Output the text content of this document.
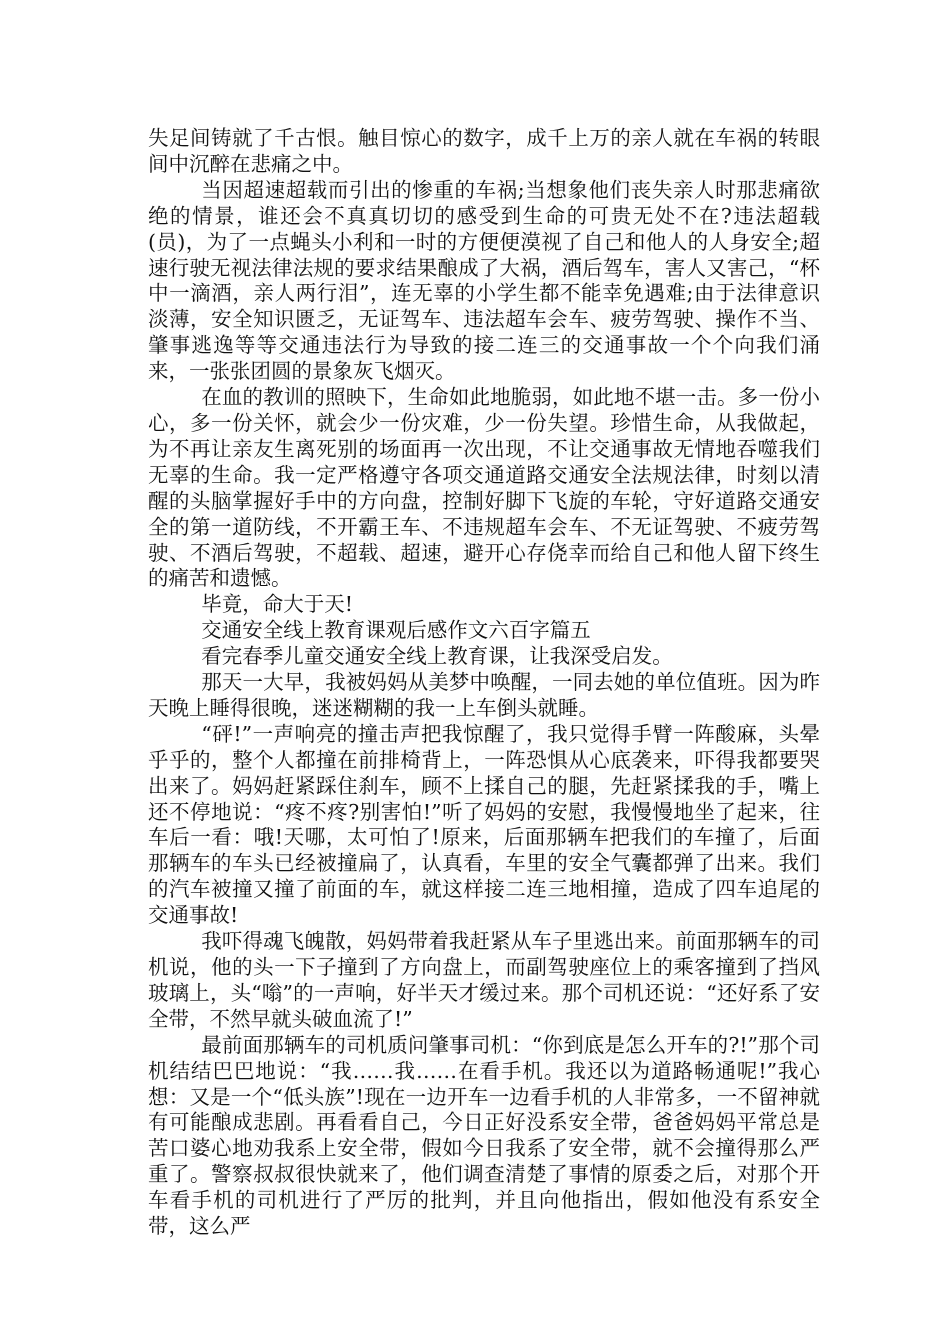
失足间铸就了千古恨。触目惊心的数字，成千上万的亲人就在车祸的转眼间中沉醉在悲痛之中。

当因超速超载而引出的惨重的车祸;当想象他们丧失亲人时那悲痛欲绝的情景，谁还会不真真切切的感受到生命的可贵无处不在?违法超载(员)，为了一点蝇头小利和一时的方便便漠视了自己和他人的人身安全;超速行驶无视法律法规的要求结果酿成了大祸，酒后驾车，害人又害己，“杯中一滴酒，亲人两行泪”，连无辜的小学生都不能幸免遇难;由于法律意识淡薄，安全知识匮乏，无证驾车、违法超车会车、疲劳驾驶、操作不当、肇事逃逸等等交通违法行为导致的接二连三的交通事故一个个向我们涌来，一张张团圆的景象灰飞烟灭。

在血的教训的照映下，生命如此地脆弱，如此地不堪一击。多一份小心，多一份关怀，就会少一份灾难，少一份失望。珍惜生命，从我做起，为不再让亲友生离死别的场面再一次出现，不让交通事故无情地吞噬我们无辜的生命。我一定严格遵守各项交通道路交通安全法规法律，时刻以清醒的头脑掌握好手中的方向盘，控制好脚下飞旋的车轮，守好道路交通安全的第一道防线，不开霸王车、不违规超车会车、不无证驾驶、不疲劳驾驶、不酒后驾驶，不超载、超速，避开心存侥幸而给自己和他人留下终生的痛苦和遗憾。

毕竟，命大于天!

交通安全线上教育课观后感作文六百字篇五

看完春季儿童交通安全线上教育课，让我深受启发。

那天一大早，我被妈妈从美梦中唤醒，一同去她的单位值班。因为昨天晚上睡得很晚，迷迷糊糊的我一上车倒头就睡。

“砰!”一声响亮的撞击声把我惊醒了，我只觉得手臂一阵酸麻，头晕乎乎的，整个人都撞在前排椅背上，一阵恐惧从心底袭来，吓得我都要哭出来了。妈妈赶紧踩住刹车，顾不上揉自己的腿，先赶紧揉我的手，嘴上还不停地说：“疼不疼?别害怕!”听了妈妈的安慰，我慢慢地坐了起来，往车后一看：哦!天哪，太可怕了!原来，后面那辆车把我们的车撞了，后面那辆车的车头已经被撞扁了，认真看，车里的安全气囊都弹了出来。我们的汽车被撞又撞了前面的车，就这样接二连三地相撞，造成了四车追尾的交通事故!

我吓得魂飞魄散，妈妈带着我赶紧从车子里逃出来。前面那辆车的司机说，他的头一下子撞到了方向盘上，而副驾驶座位上的乘客撞到了挡风玻璃上，头“嗡”的一声响，好半天才缓过来。那个司机还说：“还好系了安全带，不然早就头破血流了!”

最前面那辆车的司机质问肇事司机：“你到底是怎么开车的?!”那个司机结结巴巴地说：“我……我……在看手机。我还以为道路畅通呢!”我心想：又是一个“低头族”!现在一边开车一边看手机的人非常多，一不留神就有可能酿成悲剧。再看看自己，今日正好没系安全带，爸爸妈妈平常总是苦口婆心地劝我系上安全带，假如今日我系了安全带，就不会撞得那么严重了。警察叔叔很快就来了，他们调查清楚了事情的原委之后，对那个开车看手机的司机进行了严厉的批判，并且向他指出，假如他没有系安全带，这么严
